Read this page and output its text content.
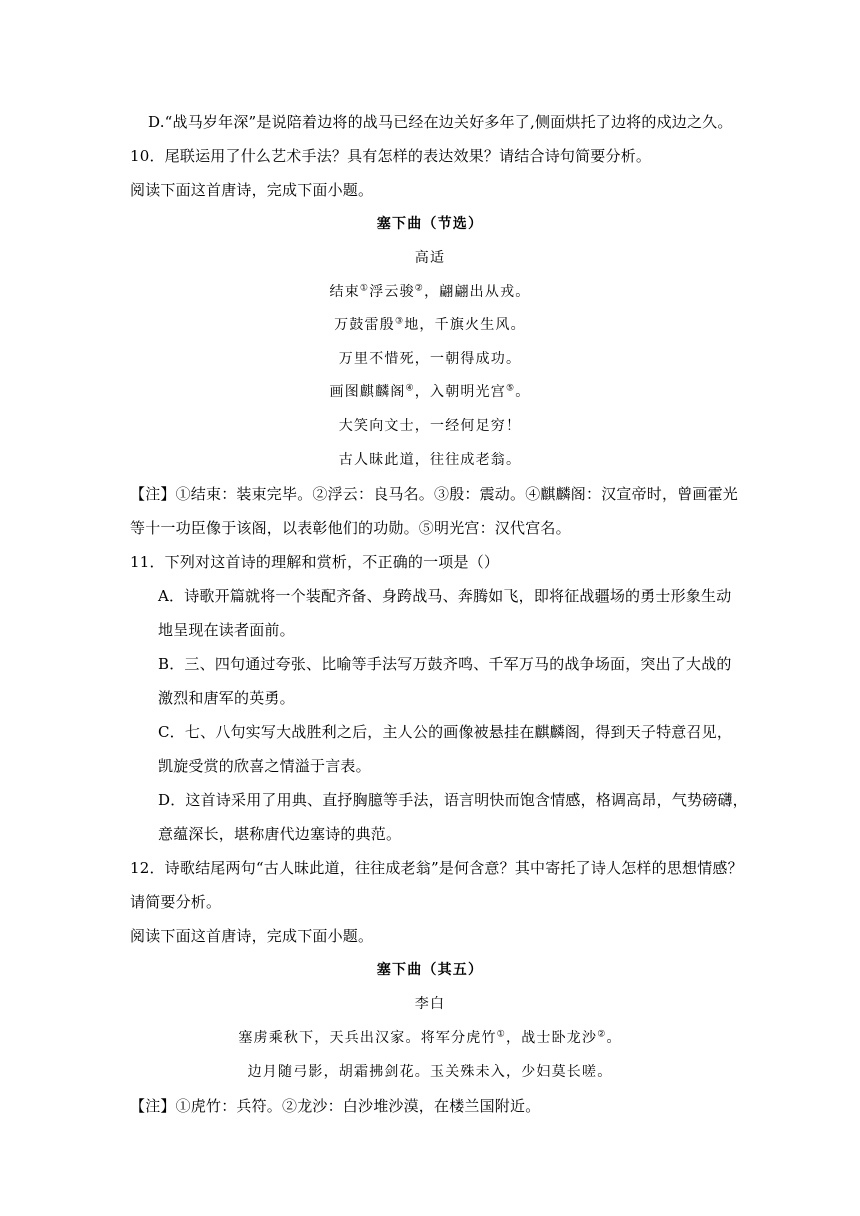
D.“战马岁年深”是说陪着边将的战马已经在边关好多年了,侧面烘托了边将的戍边之久。
10．尾联运用了什么艺术手法？具有怎样的表达效果？请结合诗句简要分析。
阅读下面这首唐诗，完成下面小题。
塞下曲（节选）
高适
结束①浮云骏②，翩翩出从戎。
万鼓雷殷③地，千旗火生风。
万里不惜死，一朝得成功。
画图麒麟阁④，入朝明光宫⑤。
大笑向文士，一经何足穷！
古人昧此道，往往成老翁。
【注】①结束：装束完毕。②浮云：良马名。③殷：震动。④麒麟阁：汉宣帝时，曾画霍光
等十一功臣像于该阁，以表彰他们的功勋。⑤明光宫：汉代宫名。
11．下列对这首诗的理解和赏析，不正确的一项是（）
A．诗歌开篇就将一个装配齐备、身跨战马、奔腾如飞，即将征战疆场的勇士形象生动
地呈现在读者面前。
B．三、四句通过夸张、比喻等手法写万鼓齐鸣、千军万马的战争场面，突出了大战的
激烈和唐军的英勇。
C．七、八句实写大战胜利之后，主人公的画像被悬挂在麒麟阁，得到天子特意召见，
凯旋受赏的欣喜之情溢于言表。
D．这首诗采用了用典、直抒胸臆等手法，语言明快而饱含情感，格调高昂，气势磅礴，
意蕴深长，堪称唐代边塞诗的典范。
12．诗歌结尾两句“古人昧此道，往往成老翁”是何含意？其中寄托了诗人怎样的思想情感？
请简要分析。
阅读下面这首唐诗，完成下面小题。
塞下曲（其五）
李白
塞虏乘秋下，天兵出汉家。将军分虎竹①，战士卧龙沙②。
边月随弓影，胡霜拂剑花。玉关殊未入，少妇莫长嗟。
【注】①虎竹：兵符。②龙沙：白沙堆沙漠，在楼兰国附近。
